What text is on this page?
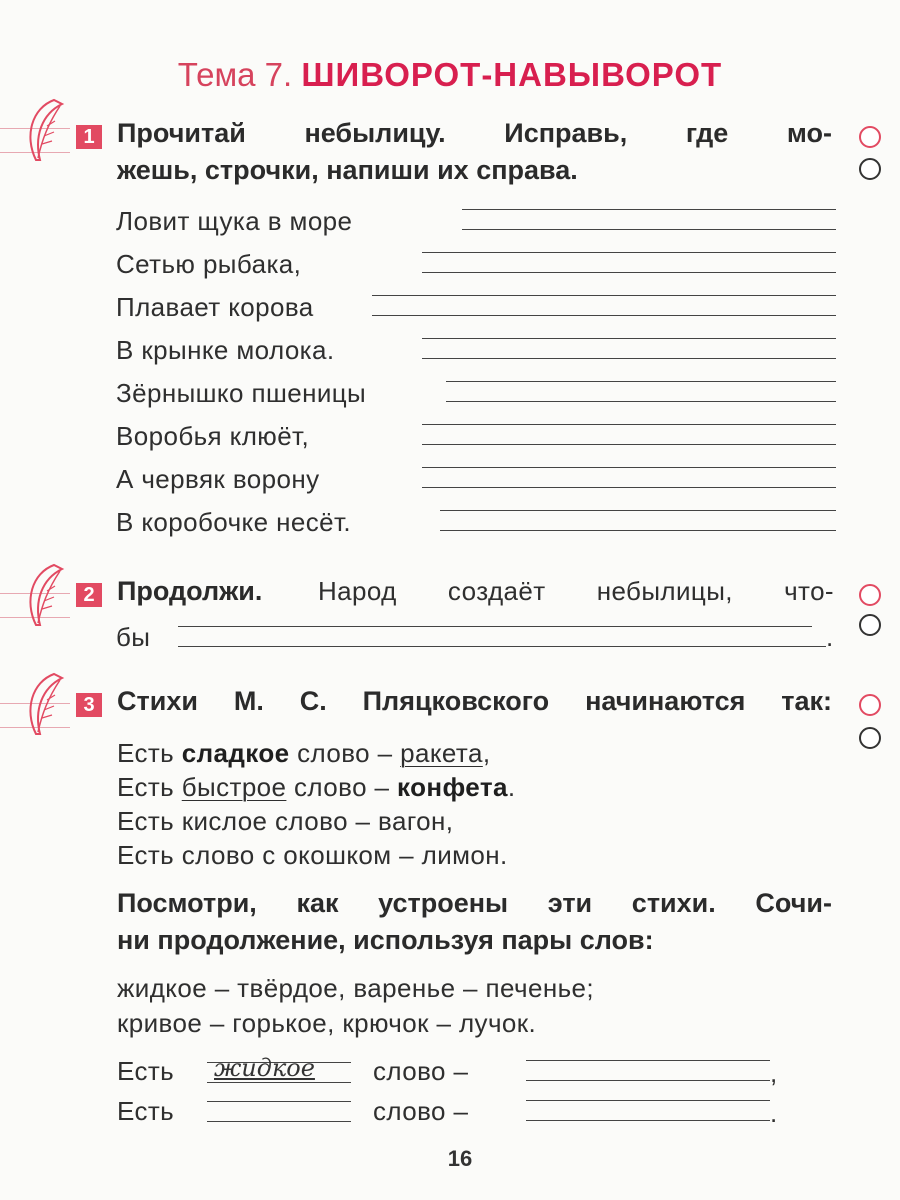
Тема 7. ШИВОРОТ-НАВЫВОРОТ
1 Прочитай небылицу. Исправь, где мо-
жешь, строчки, напиши их справа.
Ловит щука в море
Сетью рыбака,
Плавает корова
В крынке молока.
Зёрнышко пшеницы
Воробья клюёт,
А червяк ворону
В коробочке несёт.
2 Продолжи. Народ создаёт небылицы, что-
бы	.
3 Стихи М. С. Пляцковского начинаются так:
Есть сладкое слово – ракета,
Есть быстрое слово – конфета.
Есть кислое слово – вагон,
Есть слово с окошком – лимон.
Посмотри, как устроены эти стихи. Сочи-
ни продолжение, используя пары слов:
жидкое – твёрдое, варенье – печенье;
кривое – горькое, крючок – лучок.
Есть жидкое слово –	,
Есть	слово –	.
16
